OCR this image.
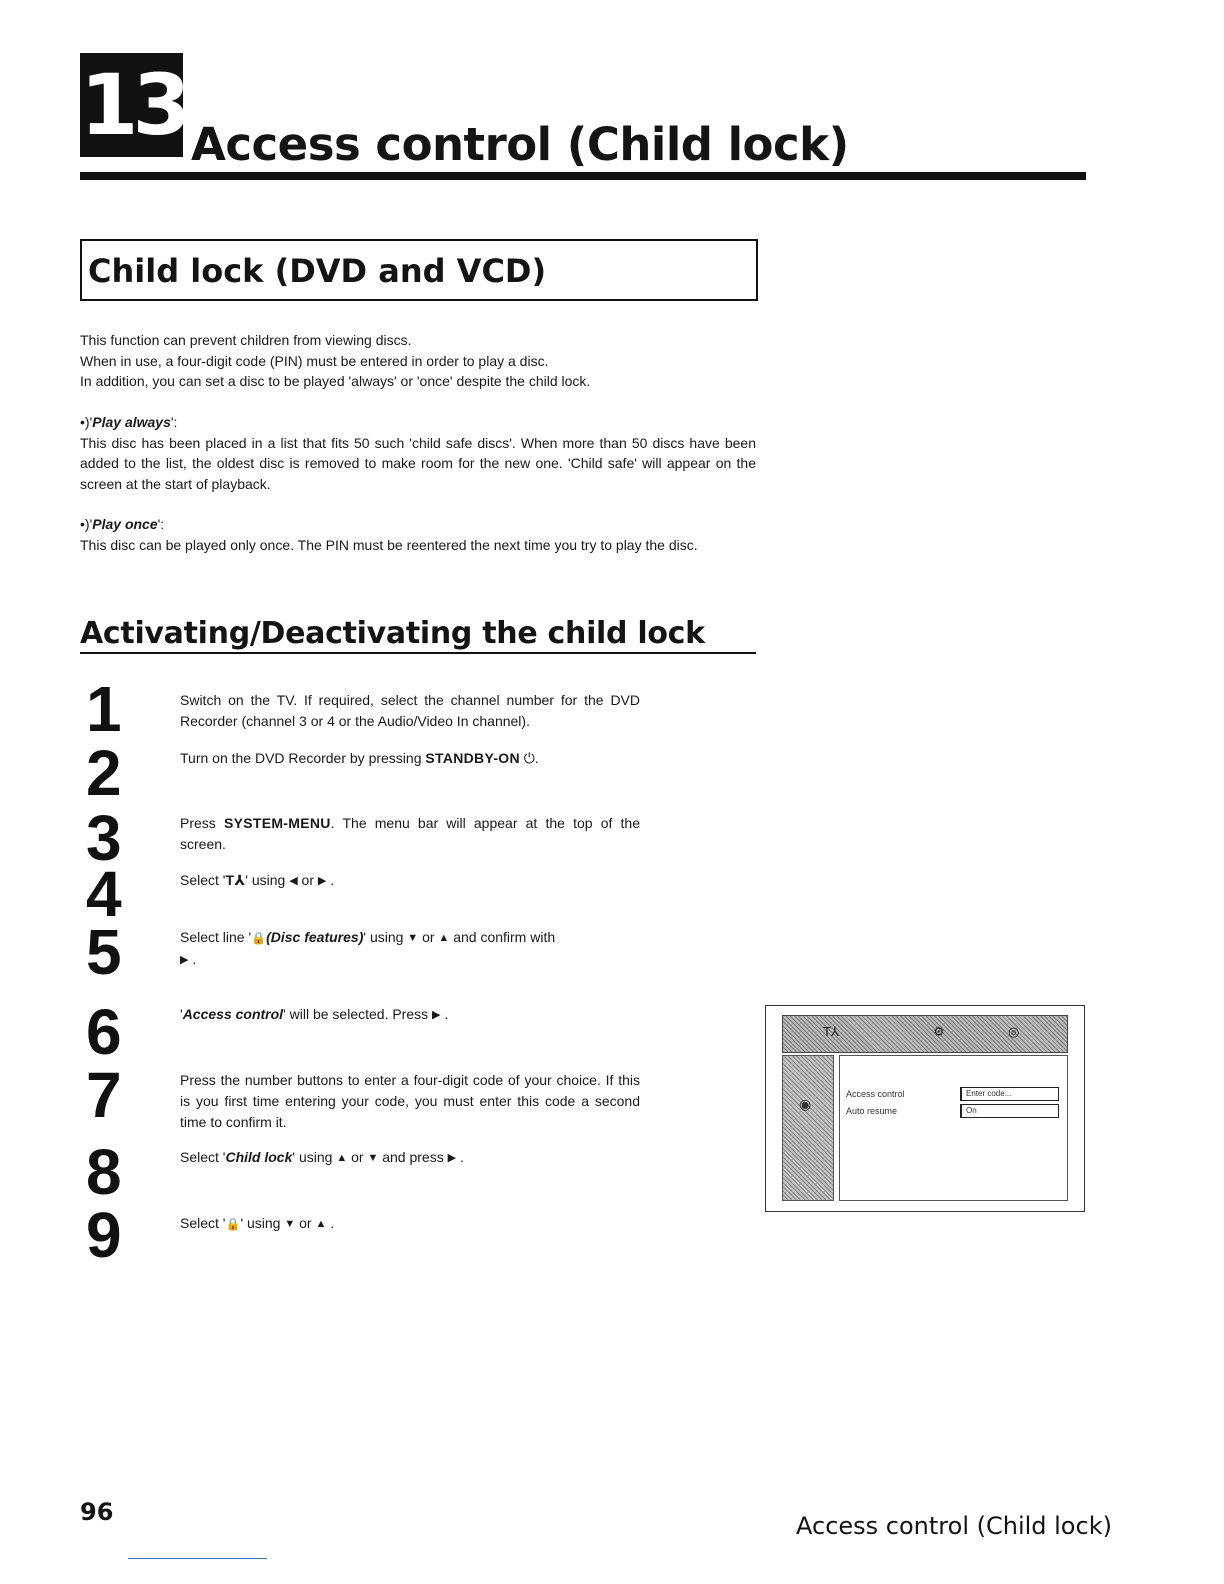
13 Access control (Child lock)
Child lock (DVD and VCD)

This function can prevent children from viewing discs.

When in use, a four-digit code (PIN) must be entered in order to play a disc.

In addition, you can set a disc to be played 'always' or 'once' despite the child lock.

•)'Play always':

This disc has been placed in a list that fits 50 such 'child safe discs'. When more than 50 discs have been added to the list, the oldest disc is removed to make room for the new one. 'Child safe' will appear on the screen at the start of playback.

•)'Play once':

This disc can be played only once. The PIN must be reentered the next time you try to play the disc.

Activating/Deactivating the child lock
1
2
3
4
5
6
7
8
9
Switch on the TV. If required, select the channel number for the DVD Recorder (channel 3 or 4 or the Audio/Video In channel).
Turn on the DVD Recorder by pressing STANDBY-ON ⏻.
Press SYSTEM-MENU. The menu bar will appear at the top of the screen.
Select 'T⅄' using ◀ or ▶ .
Select line '🔒(Disc features)' using ▼ or ▲ and confirm with
▶ .
'Access control' will be selected. Press ▶ .
Press the number buttons to enter a four-digit code of your choice. If this is you first time entering your code, you must enter this code a second time to confirm it.
Select 'Child lock' using ▲ or ▼ and press ▶ .
Select '🔒' using ▼ or ▲ .
T⅄	⚙	◎
◉
Access control	Enter code...
Auto resume	On
96	Access control (Child lock)
